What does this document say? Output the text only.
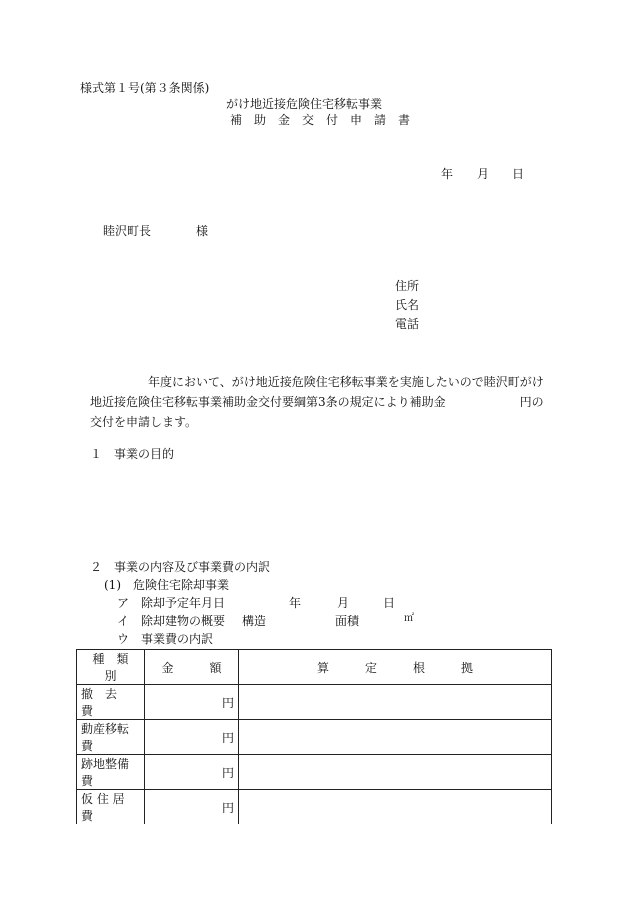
様式第１号(第３条関係)
がけ地近接危険住宅移転事業
補　助　金　交　付　申　請　書
年 月 日
睦沢町長	様
住所
氏名
電話
年度において、がけ地近接危険住宅移転事業を実施したいので睦沢町がけ地近接危険住宅移転事業補助金交付要綱第3条の規定により補助金	円の交付を申請します。
１　事業の目的
２　事業の内容及び事業費の内訳
(1)　危険住宅除却事業
ア　除却予定年月日	年	月	日
イ　除却建物の概要 構造	面積	㎡
ウ　事業費の内訳
種　類　別	金　　　額	算　　　定　　　根　　　拠
撤　去　費	円	
動産移転費	円	
跡地整備費	円	
仮 住 居 費	円	
